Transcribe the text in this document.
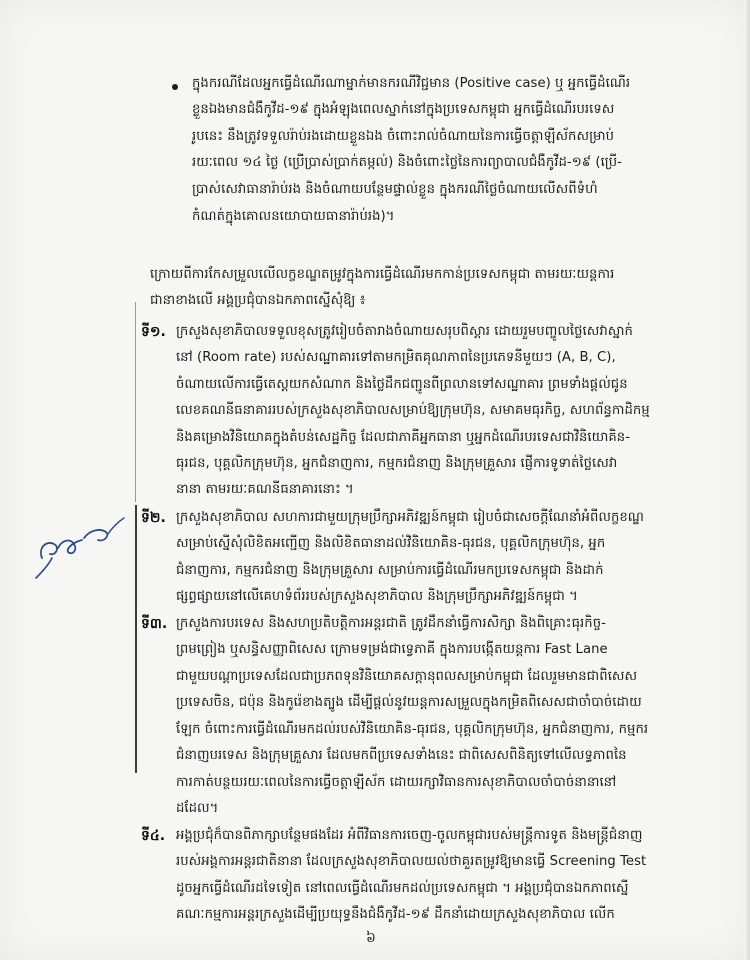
ក្នុងករណីដែលអ្នកធ្វើដំណើរណាម្នាក់មានករណីវិជ្ជមាន (Positive case) ឬ អ្នកធ្វើដំណើរ
ខ្លួនឯងមានជំងឺកូវីដ-១៩ ក្នុងអំឡុងពេលស្នាក់នៅក្នុងប្រទេសកម្ពុជា អ្នកធ្វើដំណើរបរទេស
រូបនេះ នឹងត្រូវទទួលរ៉ាប់រងដោយខ្លួនឯង ចំពោះរាល់ចំណាយនៃការធ្វើចត្តាឡីស័កសម្រាប់
រយៈពេល ១៤ ថ្ងៃ (ប្រើប្រាស់ប្រាក់តម្កល់) និងចំពោះថ្លៃនៃការព្យាបាលជំងឺកូវីដ-១៩ (ប្រើ-
ប្រាស់សេវាធានារ៉ាប់រង និងចំណាយបន្ថែមផ្ទាល់ខ្លួន ក្នុងករណីថ្លៃចំណាយលើសពីទំហំ
កំណត់ក្នុងគោលនយោបាយធានារ៉ាប់រង)។
ក្រោយពីការកែសម្រួលលើលក្ខខណ្ឌតម្រូវក្នុងការធ្វើដំណើរមកកាន់ប្រទេសកម្ពុជា តាមរយៈយន្តការ
ជានាខាងលើ អង្គប្រជុំបានឯកភាពស្នើសុំឱ្យ ៖
ទី១. ក្រសួងសុខាភិបាលទទួលខុសត្រូវរៀបចំតារាងចំណាយសរុបពិស្តារ ដោយរួមបញ្ចូលថ្លៃសេវាស្នាក់
នៅ (Room rate) របស់សណ្ឋាគារទៅតាមកម្រិតគុណភាពនៃប្រភេទនីមួយៗ (A, B, C),
ចំណាយលើការធ្វើតេស្តយកសំណាក និងថ្លៃដឹកជញ្ជូនពីព្រលានទៅសណ្ឋាគារ ព្រមទាំងផ្តល់ជូន
លេខគណនីធនាគាររបស់ក្រសួងសុខាភិបាលសម្រាប់ឱ្យក្រុមហ៊ុន, សមាគមធុរកិច្ច, សហព័ន្ធកាដិកម្ម
និងគម្រោងវិនិយោគក្នុងតំបន់សេដ្ឋកិច្ច ដែលជាភាគីអ្នកធានា ឬអ្នកដំណើរបរទេសជាវិនិយោគិន-
ធុរជន, បុគ្គលិកក្រុមហ៊ុន, អ្នកជំនាញការ, កម្មករជំនាញ និងក្រុមគ្រួសារ ផ្ញើការទូទាត់ថ្លៃសេវា
នានា តាមរយៈគណនីធនាគារនោះ ។
ទី២. ក្រសួងសុខាភិបាល សហការជាមួយក្រុមប្រឹក្សាអភិវឌ្ឍន៍កម្ពុជា រៀបចំជាសេចក្តីណែនាំអំពីលក្ខខណ្ឌ
សម្រាប់ស្នើសុំលិខិតអញ្ជើញ និងលិខិតធានាដល់វិនិយោគិន-ធុរជន, បុគ្គលិកក្រុមហ៊ុន, អ្នក
ជំនាញការ, កម្មករជំនាញ និងក្រុមគ្រួសារ សម្រាប់ការធ្វើដំណើរមកប្រទេសកម្ពុជា និងដាក់
ផ្សព្វផ្សាយនៅលើគេហទំព័ររបស់ក្រសួងសុខាភិបាល និងក្រុមប្រឹក្សាអភិវឌ្ឍន៍កម្ពុជា ។
ទី៣. ក្រសួងការបរទេស និងសហប្រតិបត្តិការអន្តរជាតិ ត្រូវដឹកនាំធ្វើការសិក្សា និងពិគ្រោះធុរកិច្ច-
ព្រមព្រៀង ឬសន្ធិសញ្ញាពិសេស ក្រោមទម្រង់ជាទ្វេភាគី ក្នុងការបង្កើតយន្តការ Fast Lane
ជាមួយបណ្តាប្រទេសដែលជាប្រភពទុនវិនិយោគសក្តានុពលសម្រាប់កម្ពុជា ដែលរួមមានជាពិសេស
ប្រទេសចិន, ជប៉ុន និងកូរ៉េខាងត្បូង ដើម្បីផ្តល់នូវយន្តការសម្រួលក្នុងកម្រិតពិសេសជាចាំបាច់ដោយ
ឡែក ចំពោះការធ្វើដំណើរមកដល់របស់វិនិយោគិន-ធុរជន, បុគ្គលិកក្រុមហ៊ុន, អ្នកជំនាញការ, កម្មករ
ជំនាញបរទេស និងក្រុមគ្រួសារ ដែលមកពីប្រទេសទាំងនេះ ជាពិសេសពិនិត្យទៅលើលទ្ធភាពនៃ
ការកាត់បន្ថយរយៈពេលនៃការធ្វើចត្តាឡីស័ក ដោយរក្សាវិធានការសុខាភិបាលចាំបាច់នានានៅ
ដដែល។
ទី៤. អង្គប្រជុំក៏បានពិភាក្សាបន្ថែមផងដែរ អំពីវិធានការចេញ-ចូលកម្ពុជារបស់មន្ត្រីការទូត និងមន្ត្រីជំនាញ
របស់អង្គការអន្តរជាតិនានា ដែលក្រសួងសុខាភិបាលយល់ថាគួរតម្រូវឱ្យមានធ្វើ Screening Test
ដូចអ្នកធ្វើដំណើរដទៃទៀត នៅពេលធ្វើដំណើរមកដល់ប្រទេសកម្ពុជា ។ អង្គប្រជុំបានឯកភាពស្នើ
គណៈកម្មការអន្តរក្រសួងដើម្បីប្រយុទ្ធនឹងជំងឺកូវីដ-១៩ ដឹកនាំដោយក្រសួងសុខាភិបាល លើក
៦
